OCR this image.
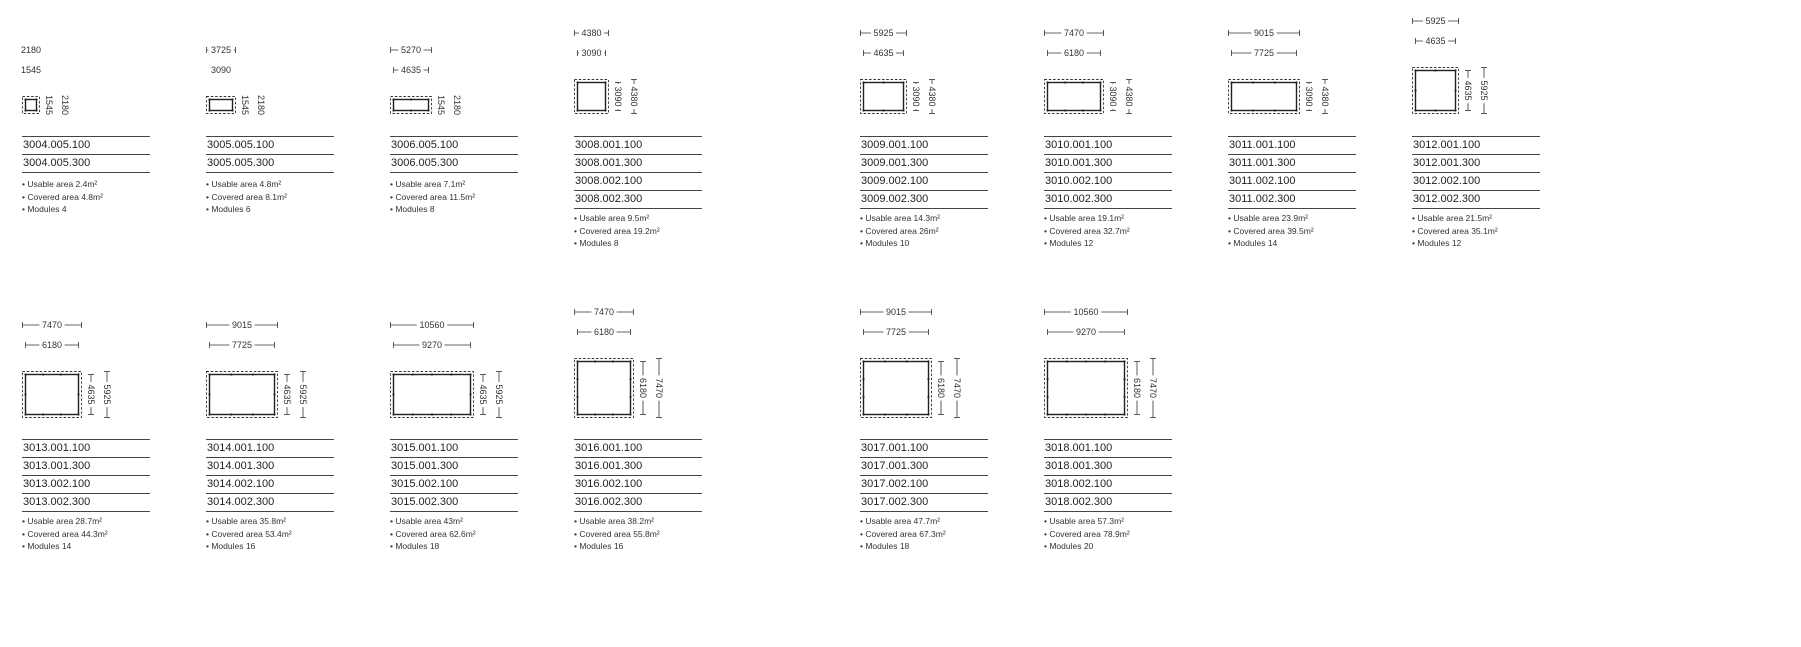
2180
1545
1545 2180
3004.005.100
3004.005.300
• Usable area 2.4m²
• Covered area 4.8m²
• Modules 4
3725
3090
1545 2180
3005.005.100
3005.005.300
• Usable area 4.8m²
• Covered area 8.1m²
• Modules 6
5270
4635
1545 2180
3006.005.100
3006.005.300
• Usable area 7.1m²
• Covered area 11.5m²
• Modules 8
4380
3090
3090 4380
3008.001.100
3008.001.300
3008.002.100
3008.002.300
• Usable area 9.5m²
• Covered area 19.2m²
• Modules 8
5925
4635
3090 4380
3009.001.100
3009.001.300
3009.002.100
3009.002.300
• Usable area 14.3m²
• Covered area 26m²
• Modules 10
7470
6180
3090 4380
3010.001.100
3010.001.300
3010.002.100
3010.002.300
• Usable area 19.1m²
• Covered area 32.7m²
• Modules 12
9015
7725
3090 4380
3011.001.100
3011.001.300
3011.002.100
3011.002.300
• Usable area 23.9m²
• Covered area 39.5m²
• Modules 14
5925
4635
4635 5925
3012.001.100
3012.001.300
3012.002.100
3012.002.300
• Usable area 21.5m²
• Covered area 35.1m²
• Modules 12
7470
6180
4635 5925
3013.001.100
3013.001.300
3013.002.100
3013.002.300
• Usable area 28.7m²
• Covered area 44.3m²
• Modules 14
9015
7725
4635 5925
3014.001.100
3014.001.300
3014.002.100
3014.002.300
• Usable area 35.8m²
• Covered area 53.4m²
• Modules 16
10560
9270
4635 5925
3015.001.100
3015.001.300
3015.002.100
3015.002.300
• Usable area 43m²
• Covered area 62.6m²
• Modules 18
7470
6180
6180 7470
3016.001.100
3016.001.300
3016.002.100
3016.002.300
• Usable area 38.2m²
• Covered area 55.8m²
• Modules 16
9015
7725
6180 7470
3017.001.100
3017.001.300
3017.002.100
3017.002.300
• Usable area 47.7m²
• Covered area 67.3m²
• Modules 18
10560
9270
6180 7470
3018.001.100
3018.001.300
3018.002.100
3018.002.300
• Usable area 57.3m²
• Covered area 78.9m²
• Modules 20
